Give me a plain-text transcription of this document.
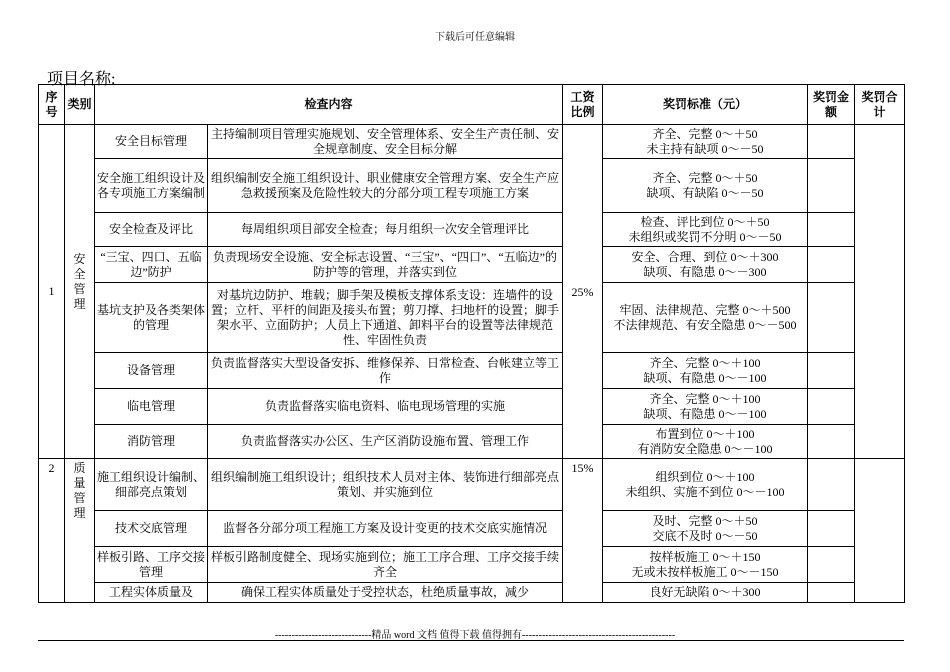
下载后可任意编辑
项目名称:
序号	类别	检查内容		工资比例	奖罚标准（元）	奖罚金额	奖罚合计
1	安全管理	安全目标管理	主持编制项目管理实施规划、安全管理体系、安全生产责任制、安全规章制度、安全目标分解	25%	齐全、完整 0～＋50
未主持有缺项 0～－50		
		安全施工组织设计及各专项施工方案编制	组织编制安全施工组织设计、职业健康安全管理方案、安全生产应急救援预案及危险性较大的分部分项工程专项施工方案		齐全、完整 0～＋50
缺项、有缺陷 0～－50		
		安全检查及评比	每周组织项目部安全检查；每月组织一次安全管理评比		检查、评比到位 0～＋50
未组织或奖罚不分明 0～－50		
		“三宝、四口、五临边”防护	负责现场安全设施、安全标志设置、“三宝”、“四口”、“五临边”的防护等的管理，并落实到位		安全、合理、到位 0～＋300
缺项、有隐患 0～－300		
		基坑支护及各类架体的管理	对基坑边防护、堆载；脚手架及模板支撑体系支设：连墙件的设置；立杆、平杆的间距及接头布置；剪刀撑、扫地杆的设置；脚手架水平、立面防护；人员上下通道、卸料平台的设置等法律规范性、牢固性负责		牢固、法律规范、完整 0～＋500
不法律规范、有安全隐患 0～－500		
		设备管理	负责监督落实大型设备安拆、维修保养、日常检查、台帐建立等工作		齐全、完整 0～＋100
缺项、有隐患 0～－100		
		临电管理	负责监督落实临电资料、临电现场管理的实施		齐全、完整 0～＋100
缺项、有隐患 0～－100		
		消防管理	负责监督落实办公区、生产区消防设施布置、管理工作		布置到位 0～＋100
有消防安全隐患 0～－100		

2	质量管理	施工组织设计编制、细部亮点策划	组织编制施工组织设计；组织技术人员对主体、装饰进行细部亮点策划、并实施到位	15%	组织到位 0～＋100
未组织、实施不到位 0～－100		
		技术交底管理	监督各分部分项工程施工方案及设计变更的技术交底实施情况		及时、完整 0～＋50
交底不及时 0～－50		
		样板引路、工序交接管理	样板引路制度健全、现场实施到位；施工工序合理、工序交接手续齐全		按样板施工 0～＋150
无或未按样板施工 0～－150		
		工程实体质量及	确保工程实体质量处于受控状态，杜绝质量事故，减少		良好无缺陷 0～＋300		
-----------------------------精品 word 文档 值得下载 值得拥有----------------------------------------------
